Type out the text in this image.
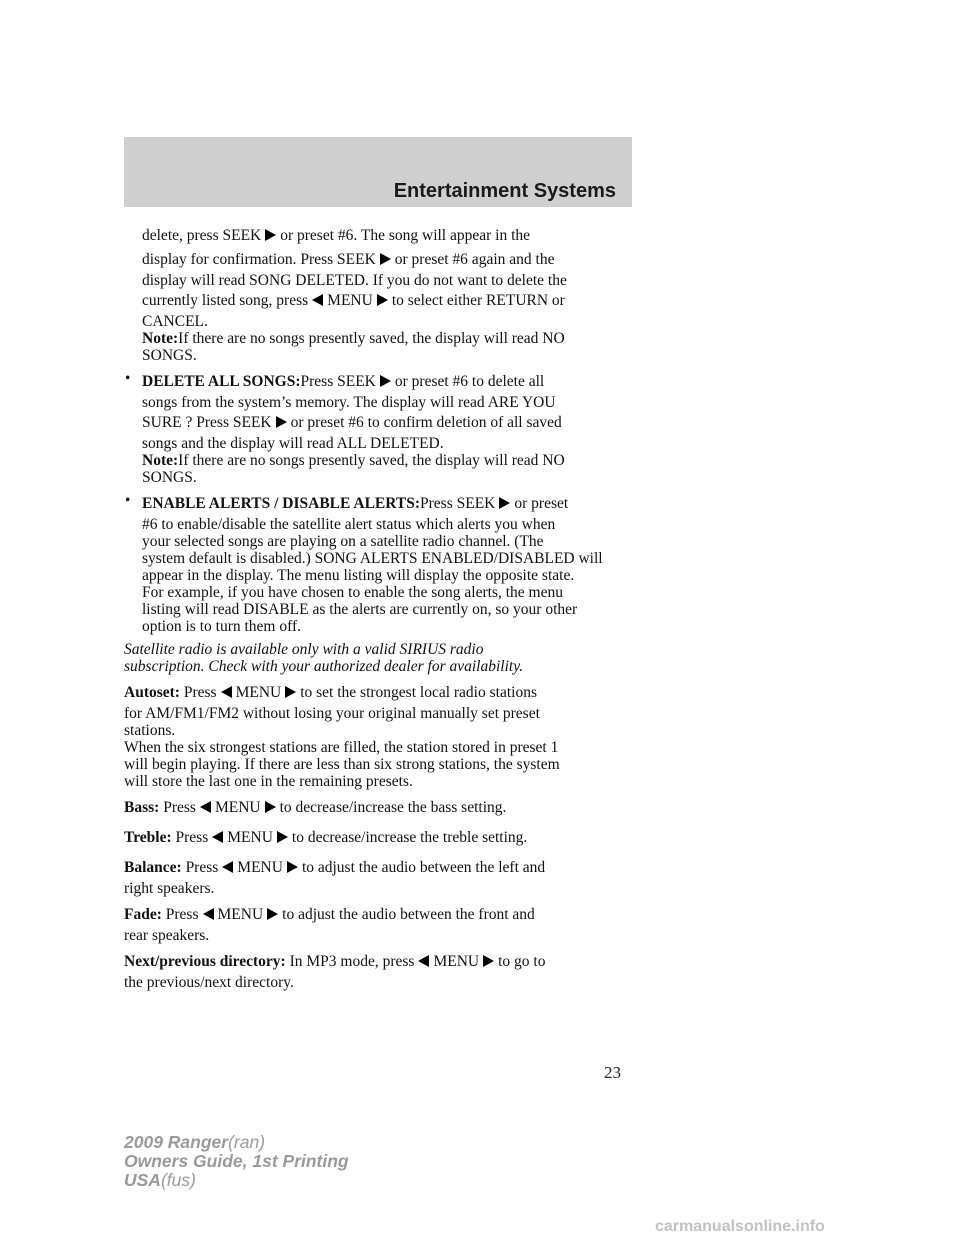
Entertainment Systems

delete, press SEEK or preset #6. The song will appear in the

display for confirmation. Press SEEK or preset #6 again and the

display will read SONG DELETED. If you do not want to delete the

currently listed song, press MENU to select either RETURN or

CANCEL.

Note:If there are no songs presently saved, the display will read NO

SONGS.

• DELETE ALL SONGS:Press SEEK or preset #6 to delete all

songs from the system’s memory. The display will read ARE YOU

SURE ? Press SEEK or preset #6 to confirm deletion of all saved

songs and the display will read ALL DELETED.

Note:If there are no songs presently saved, the display will read NO

SONGS.

• ENABLE ALERTS / DISABLE ALERTS:Press SEEK or preset

#6 to enable/disable the satellite alert status which alerts you when

your selected songs are playing on a satellite radio channel. (The

system default is disabled.) SONG ALERTS ENABLED/DISABLED will

appear in the display. The menu listing will display the opposite state.

For example, if you have chosen to enable the song alerts, the menu

listing will read DISABLE as the alerts are currently on, so your other

option is to turn them off.

Satellite radio is available only with a valid SIRIUS radio

subscription. Check with your authorized dealer for availability.

Autoset: Press MENU to set the strongest local radio stations

for AM/FM1/FM2 without losing your original manually set preset

stations.

When the six strongest stations are filled, the station stored in preset 1

will begin playing. If there are less than six strong stations, the system

will store the last one in the remaining presets.

Bass: Press MENU to decrease/increase the bass setting.

Treble: Press MENU to decrease/increase the treble setting.

Balance: Press MENU to adjust the audio between the left and

right speakers.

Fade: Press MENU to adjust the audio between the front and

rear speakers.

Next/previous directory: In MP3 mode, press MENU to go to

the previous/next directory.

23
2009 Ranger(ran)
Owners Guide, 1st Printing
USA(fus)
carmanualsonline.info
